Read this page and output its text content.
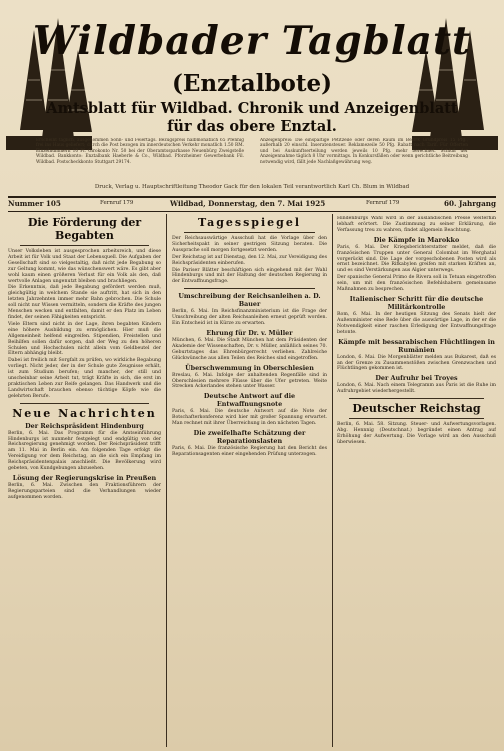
Wildbader Tagblatt
(Enztalbote)
Amtsblatt für Wildbad. Chronik und Anzeigenblatt
für das obere Enztal.
Erscheint täglich, ausgenommen Sonn- und Feiertags. Bezugspreis halbmonatlich 65 Pfennig frei ins Haus geliefert; durch die Post bezogen im innerdeutschen Verkehr monatlich 1.50 RM. Einzelnummern 10 Pf. Girokonto Nr. 50 bei der Oberamtssparkasse Neuenbürg Zweigstelle Wildbad. Bankkonto: Enztalbank Haeberle & Co., Wildbad. Pforzheimer Gewerbebank Fil. Wildbad. Postscheckkonto Stuttgart 29174.
Anzeigenpreis: Die einspaltige Petitzeile oder deren Raum im Bezirk Grundpreis 15 Pfg., außerhalb 20 einschl. Inseratensteuer. Reklamezeile 50 Pfg. Rabatt nach Tarif. Für Offerten und bei Auskunftserteilung werden jeweils 10 Pfg. mehr berechnet. Schluß der Anzeigennahme täglich 8 Uhr vormittags. In Konkursfällen oder wenn gerichtliche Beitreibung notwendig wird, fällt jede Nachlaßgewährung weg.
Druck, Verlag u. Hauptschriftleitung Theodor Gack für den lokalen Teil verantwortlich Karl Ch. Blum in Wildbad
Nummer 105	Fernruf 179	Wildbad, Donnerstag, den 7. Mai 1925	Fernruf 179	60. Jahrgang
Die Förderung der Begabten

Unser Volksleben ist ausgesprochen arbeitsreich, und diese Arbeit ist für Volk und Staat der Lebensquell. Die Aufgaben der Gesellschaft sind so vielgestaltig, daß nicht jede Begabung so zur Geltung kommt, wie das wünschenswert wäre. Es gibt aber wohl kaum einen größeren Verlust für ein Volk als den, daß wertvolle Anlagen ungenutzt bleiben und brachliegen.

Die Erkenntnis, daß jede Begabung gefördert werden muß, gleichgültig in welchem Stande sie auftritt, hat sich in den letzten Jahrzehnten immer mehr Bahn gebrochen. Die Schule soll nicht nur Wissen vermitteln, sondern die Kräfte des jungen Menschen wecken und entfalten, damit er den Platz im Leben findet, der seinen Fähigkeiten entspricht.

Viele Eltern sind nicht in der Lage, ihren begabten Kindern eine höhere Ausbildung zu ermöglichen. Hier muß die Allgemeinheit helfend eingreifen. Stipendien, Freistellen und Beihilfen sollen dafür sorgen, daß der Weg zu den höheren Schulen und Hochschulen nicht allein vom Geldbeutel der Eltern abhängig bleibt.

Dabei ist freilich mit Sorgfalt zu prüfen, wo wirkliche Begabung vorliegt. Nicht jeder, der in der Schule gute Zeugnisse erhält, ist zum Studium berufen; und mancher, der still und unscheinbar seine Arbeit tut, trägt Kräfte in sich, die erst im praktischen Leben zur Reife gelangen. Das Handwerk und die Landwirtschaft brauchen ebenso tüchtige Köpfe wie die gelehrten Berufe.

Neue Nachrichten
Der Reichspräsident Hindenburg

Berlin, 6. Mai. Das Programm für die Amtseinführung Hindenburgs ist nunmehr festgelegt und endgültig von der Reichsregierung genehmigt worden. Der Reichspräsident trifft am 11. Mai in Berlin ein. Am folgenden Tage erfolgt die Vereidigung vor dem Reichstag, an die sich ein Empfang im Reichspräsidentenpalais anschließt. Die Bevölkerung wird gebeten, von Kundgebungen abzusehen.

Lösung der Regierungskrise in Preußen

Berlin, 6. Mai. Zwischen den Fraktionsführern der Regierungsparteien sind die Verhandlungen wieder aufgenommen worden.

Tagesspiegel

Der Reichsauswärtige Ausschuß hat die Vorlage über den Sicherheitspakt in seiner gestrigen Sitzung beraten. Die Aussprache soll morgen fortgesetzt werden.

Der Reichstag ist auf Dienstag, den 12. Mai, zur Vereidigung des Reichspräsidenten einberufen.

Die Pariser Blätter beschäftigen sich eingehend mit der Wahl Hindenburgs und mit der Haltung der deutschen Regierung in der Entwaffnungsfrage.

Umschreibung der Reichsanleihen a. D. Bauer

Berlin, 6. Mai. Im Reichsfinanzministerium ist die Frage der Umschreibung der alten Reichsanleihen erneut geprüft worden. Ein Entscheid ist in Kürze zu erwarten.

Ehrung für Dr. v. Müller

München, 6. Mai. Die Stadt München hat dem Präsidenten der Akademie der Wissenschaften, Dr. v. Müller, anläßlich seines 70. Geburtstages das Ehrenbürgerrecht verliehen. Zahlreiche Glückwünsche aus allen Teilen des Reiches sind eingetroffen.

Überschwemmung in Oberschlesien

Breslau, 6. Mai. Infolge der anhaltenden Regenfälle sind in Oberschlesien mehrere Flüsse über die Ufer getreten. Weite Strecken Ackerlandes stehen unter Wasser.

Deutsche Antwort auf die Entwaffnungsnote

Paris, 6. Mai. Die deutsche Antwort auf die Note der Botschafterkonferenz wird hier mit großer Spannung erwartet. Man rechnet mit ihrer Überreichung in den nächsten Tagen.

Die zweifelhafte Schätzung der Reparationslasten

Paris, 6. Mai. Die französische Regierung hat den Bericht des Reparationsagenten einer eingehenden Prüfung unterzogen.

Hindenburgs Wahl wird in der ausländischen Presse weiterhin lebhaft erörtert. Die Zustimmung zu seiner Erklärung, die Verfassung treu zu wahren, findet allgemein Beachtung.

Die Kämpfe in Marokko

Paris, 6. Mai. Der Kriegsberichterstatter meldet, daß die französischen Truppen unter General Colombat im Werghatal vorgerückt sind. Die Lage der vorgeschobenen Posten wird als ernst bezeichnet. Die Rifkabylen greifen mit starken Kräften an, und es sind Verstärkungen aus Algier unterwegs.

Der spanische General Primo de Rivera soll in Tetuan eingetroffen sein, um mit den französischen Befehlshabern gemeinsame Maßnahmen zu besprechen.

Italienischer Schritt für die deutsche Militärkontrolle

Rom, 6. Mai. In der heutigen Sitzung des Senats hielt der Außenminister eine Rede über die auswärtige Lage, in der er die Notwendigkeit einer raschen Erledigung der Entwaffnungsfrage betonte.

Kämpfe mit bessarabischen Flüchtlingen in Rumänien

London, 6. Mai. Die Morgenblätter melden aus Bukarest, daß es an der Grenze zu Zusammenstößen zwischen Grenzwachen und Flüchtlingen gekommen ist.

Der Aufruhr bei Troyes

London, 6. Mai. Nach einem Telegramm aus Paris ist die Ruhe im Aufruhrgebiet wiederhergestellt.

Deutscher Reichstag

Berlin, 6. Mai. 58. Sitzung. Steuer- und Aufwertungsvorlagen. Abg. Hennnig (Deutschnat.) begründet einen Antrag auf Erhöhung der Aufwertung. Die Vorlage wird an den Ausschuß überwiesen.
